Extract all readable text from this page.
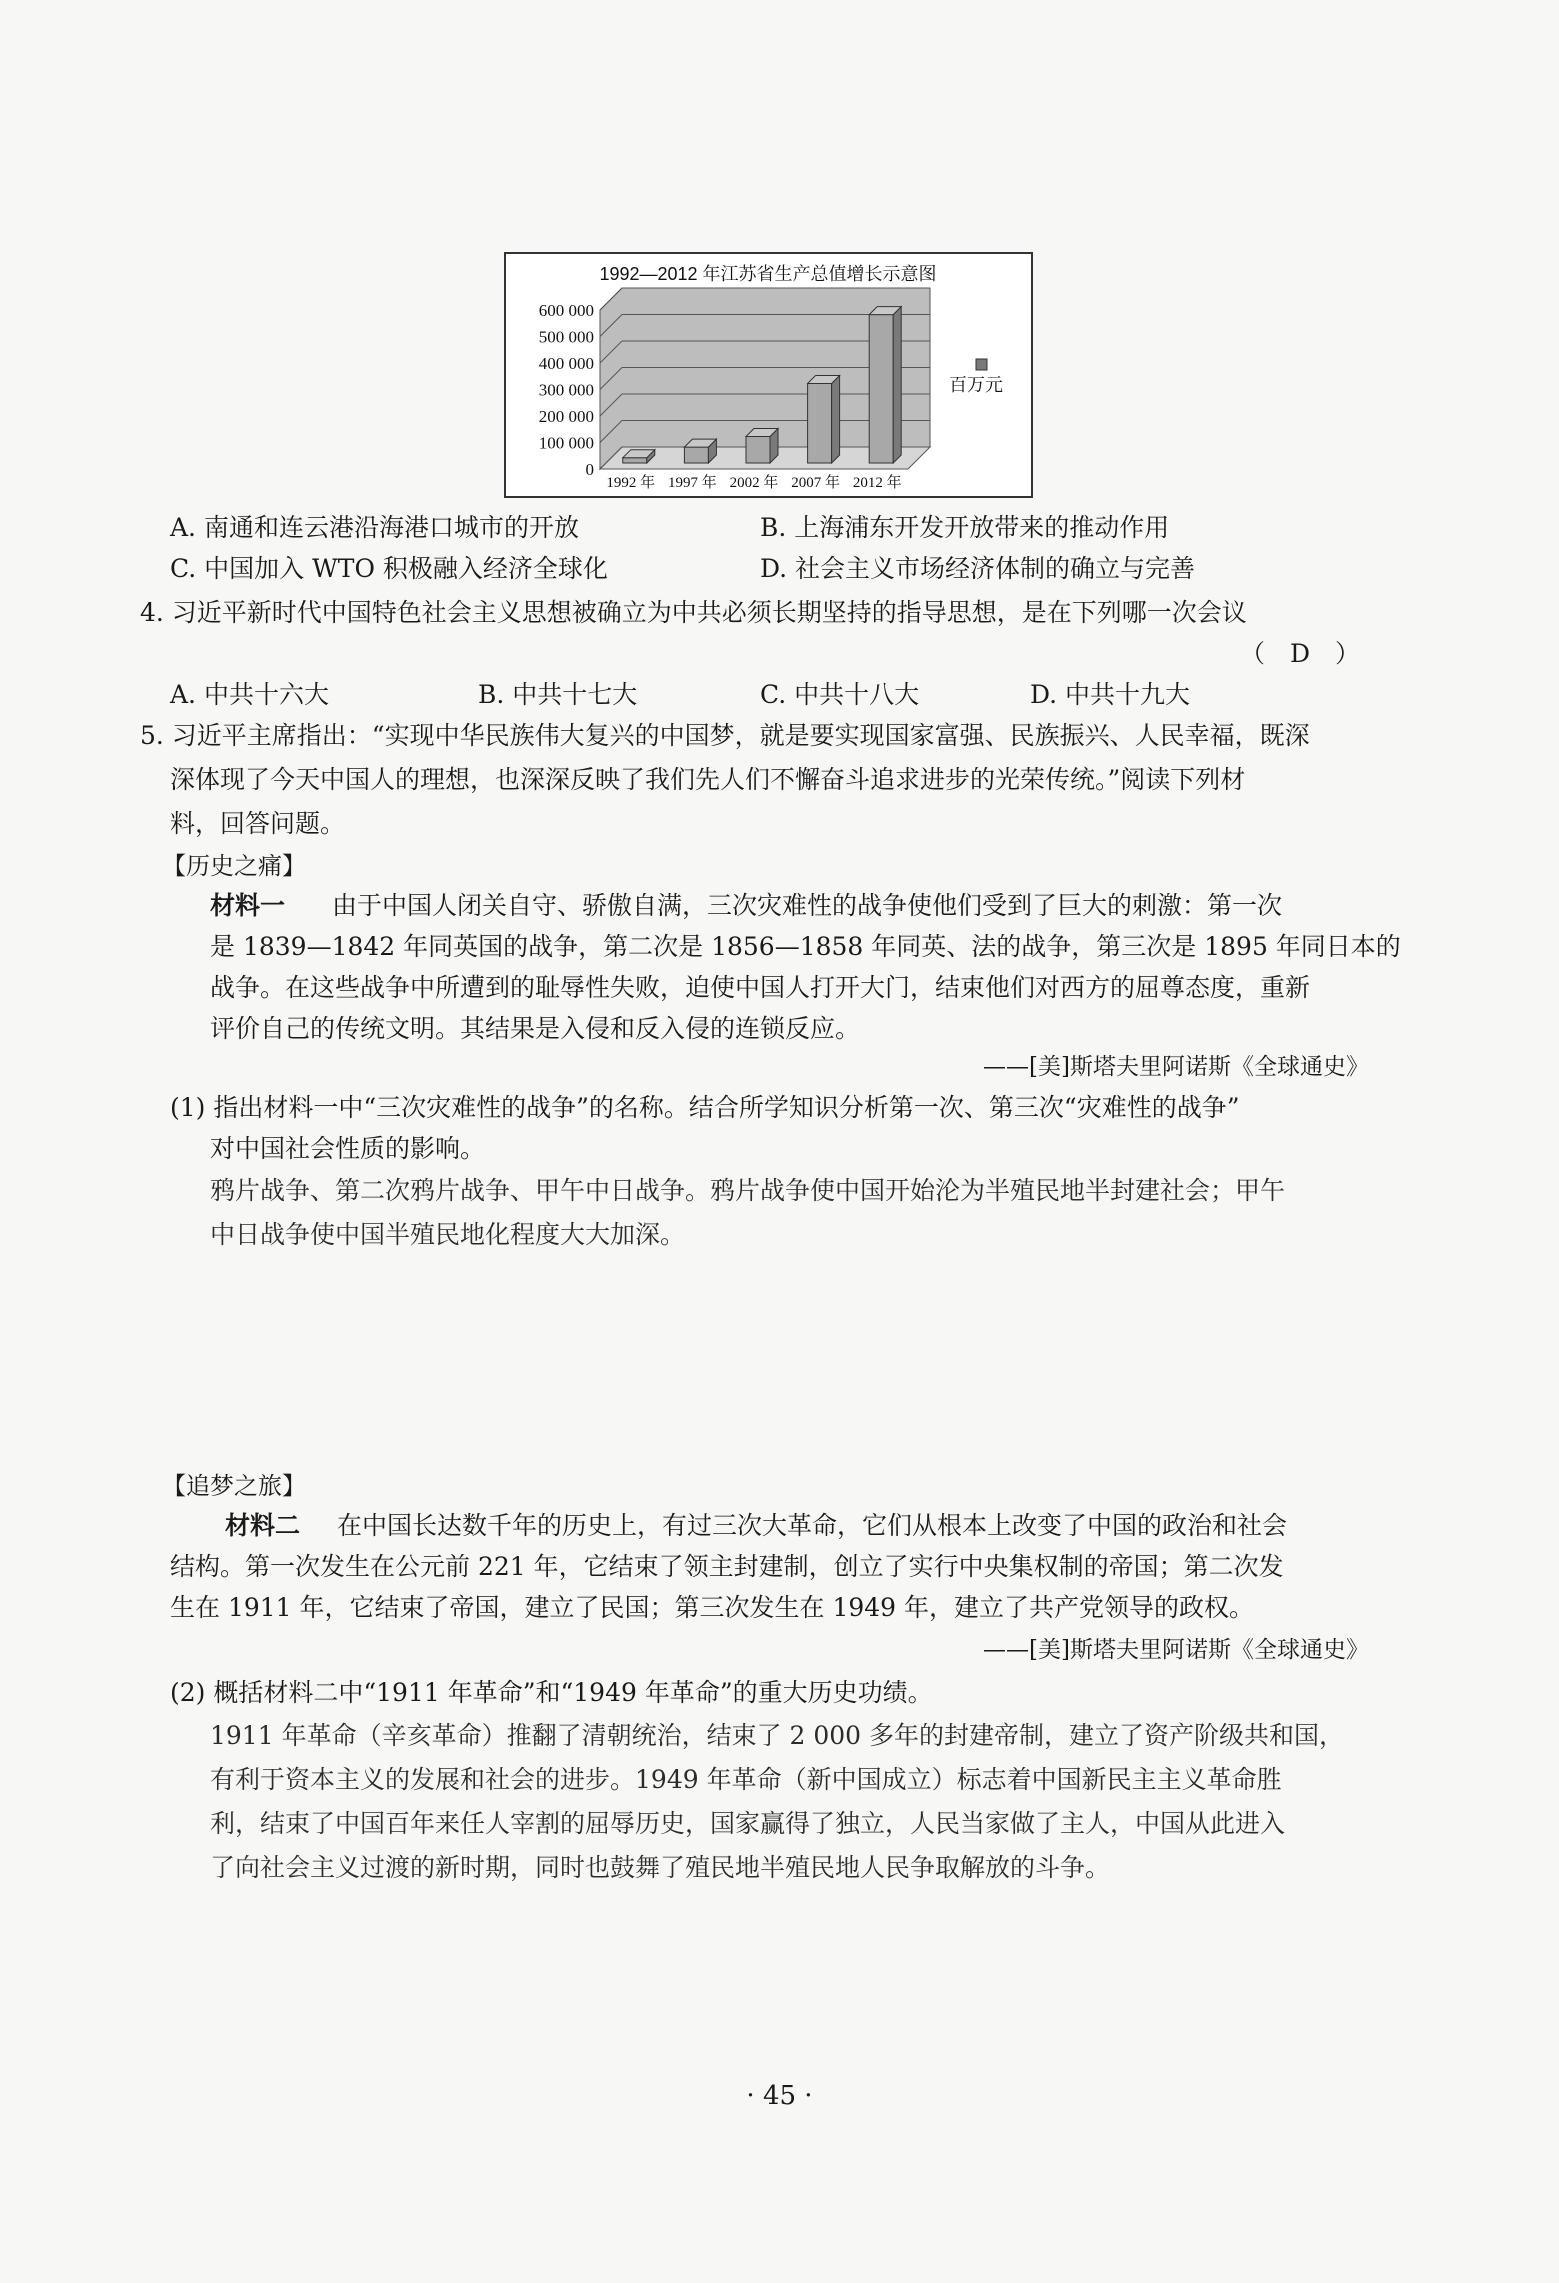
1992—2012 年江苏省生产总值增长示意图
600 000
500 000
400 000
300 000
200 000
100 000
0
1992 年 1997 年 2002 年 2007 年 2012 年
百万元
A. 南通和连云港沿海港口城市的开放	B. 上海浦东开发开放带来的推动作用
C. 中国加入 WTO 积极融入经济全球化	D. 社会主义市场经济体制的确立与完善
4. 习近平新时代中国特色社会主义思想被确立为中共必须长期坚持的指导思想，是在下列哪一次会议
（　D　）
A. 中共十六大	B. 中共十七大	C. 中共十八大	D. 中共十九大
5. 习近平主席指出：“实现中华民族伟大复兴的中国梦，就是要实现国家富强、民族振兴、人民幸福，既深
深体现了今天中国人的理想，也深深反映了我们先人们不懈奋斗追求进步的光荣传统。”阅读下列材
料，回答问题。
【历史之痛】
材料一 由于中国人闭关自守、骄傲自满，三次灾难性的战争使他们受到了巨大的刺激：第一次
是 1839—1842 年同英国的战争，第二次是 1856—1858 年同英、法的战争，第三次是 1895 年同日本的
战争。在这些战争中所遭到的耻辱性失败，迫使中国人打开大门，结束他们对西方的屈尊态度，重新
评价自己的传统文明。其结果是入侵和反入侵的连锁反应。
——[美]斯塔夫里阿诺斯《全球通史》
(1) 指出材料一中“三次灾难性的战争”的名称。结合所学知识分析第一次、第三次“灾难性的战争”
对中国社会性质的影响。
鸦片战争、第二次鸦片战争、甲午中日战争。鸦片战争使中国开始沦为半殖民地半封建社会；甲午
中日战争使中国半殖民地化程度大大加深。
【追梦之旅】
材料二 在中国长达数千年的历史上，有过三次大革命，它们从根本上改变了中国的政治和社会
结构。第一次发生在公元前 221 年，它结束了领主封建制，创立了实行中央集权制的帝国；第二次发
生在 1911 年，它结束了帝国，建立了民国；第三次发生在 1949 年，建立了共产党领导的政权。
——[美]斯塔夫里阿诺斯《全球通史》
(2) 概括材料二中“1911 年革命”和“1949 年革命”的重大历史功绩。
1911 年革命（辛亥革命）推翻了清朝统治，结束了 2 000 多年的封建帝制，建立了资产阶级共和国，
有利于资本主义的发展和社会的进步。1949 年革命（新中国成立）标志着中国新民主主义革命胜
利，结束了中国百年来任人宰割的屈辱历史，国家赢得了独立，人民当家做了主人，中国从此进入
了向社会主义过渡的新时期，同时也鼓舞了殖民地半殖民地人民争取解放的斗争。
· 45 ·
